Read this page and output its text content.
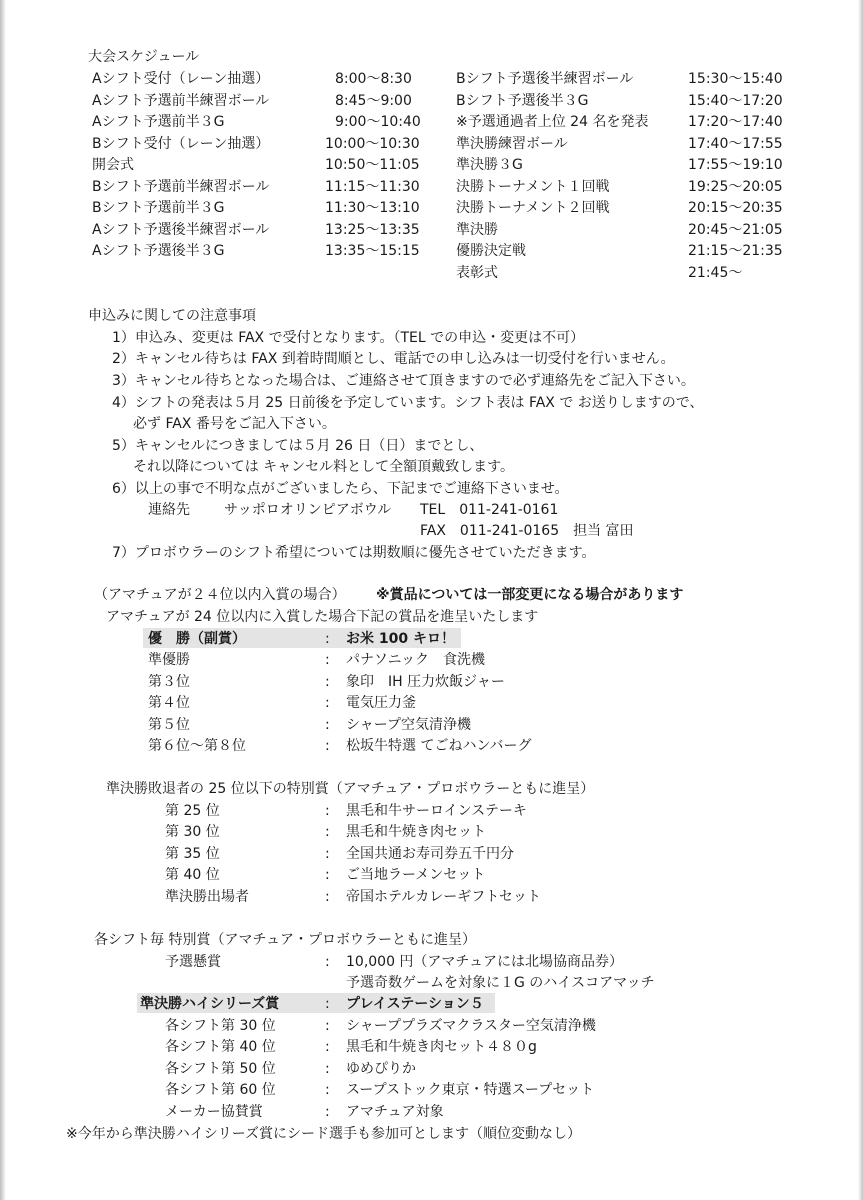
大会スケジュール
Aシフト受付（レーン抽選）	8:00～8:30
Aシフト予選前半練習ボール	8:45～9:00
Aシフト予選前半３G	9:00～10:40
Bシフト受付（レーン抽選）	10:00～10:30
開会式	10:50～11:05
Bシフト予選前半練習ボール	11:15～11:30
Bシフト予選前半３G	11:30～13:10
Aシフト予選後半練習ボール	13:25～13:35
Aシフト予選後半３G	13:35～15:15
Bシフト予選後半練習ボール	15:30～15:40
Bシフト予選後半３G	15:40～17:20
※予選通過者上位 24 名を発表	17:20～17:40
準決勝練習ボール	17:40～17:55
準決勝３G	17:55～19:10
決勝トーナメント１回戦	19:25～20:05
決勝トーナメント２回戦	20:15～20:35
準決勝	20:45～21:05
優勝決定戦	21:15～21:35
表彰式	21:45～
申込みに関しての注意事項
1）申込み、変更は FAX で受付となります。（TEL での申込・変更は不可）
2）キャンセル待ちは FAX 到着時間順とし、電話での申し込みは一切受付を行いません。
3）キャンセル待ちとなった場合は、ご連絡させて頂きますので必ず連絡先をご記入下さい。
4）シフトの発表は５月 25 日前後を予定しています。シフト表は FAX で お送りしますので、
必ず FAX 番号をご記入下さい。
5）キャンセルにつきましては５月 26 日（日）までとし、
それ以降については キャンセル料として全額頂戴致します。
6）以上の事で不明な点がございましたら、下記までご連絡下さいませ。
連絡先 サッポロオリンピアボウル TEL　011-241-0161
FAX　011-241-0165　担当 富田
7）プロボウラーのシフト希望については期数順に優先させていただきます。
（アマチュアが２４位以内入賞の場合） ※賞品については一部変更になる場合があります
アマチュアが 24 位以内に入賞した場合下記の賞品を進呈いたします
優　勝（副賞）	: お米 100 キロ！
準優勝	: パナソニック　食洗機
第３位	: 象印　IH 圧力炊飯ジャー
第４位	: 電気圧力釜
第５位	: シャープ空気清浄機
第６位～第８位	: 松坂牛特選 てごねハンバーグ
準決勝敗退者の 25 位以下の特別賞（アマチュア・プロボウラーともに進呈）
第 25 位	: 黒毛和牛サーロインステーキ
第 30 位	: 黒毛和牛焼き肉セット
第 35 位	: 全国共通お寿司券五千円分
第 40 位	: ご当地ラーメンセット
準決勝出場者	: 帝国ホテルカレーギフトセット
各シフト毎 特別賞（アマチュア・プロボウラーともに進呈）
予選懸賞	: 10,000 円（アマチュアには北場協商品券）
予選奇数ゲームを対象に１G のハイスコアマッチ
準決勝ハイシリーズ賞	: プレイステーション５
各シフト第 30 位	: シャーププラズマクラスター空気清浄機
各シフト第 40 位	: 黒毛和牛焼き肉セット４８０g
各シフト第 50 位	: ゆめぴりか
各シフト第 60 位	: スープストック東京・特選スープセット
メーカー協賛賞	: アマチュア対象
※今年から準決勝ハイシリーズ賞にシード選手も参加可とします（順位変動なし）
